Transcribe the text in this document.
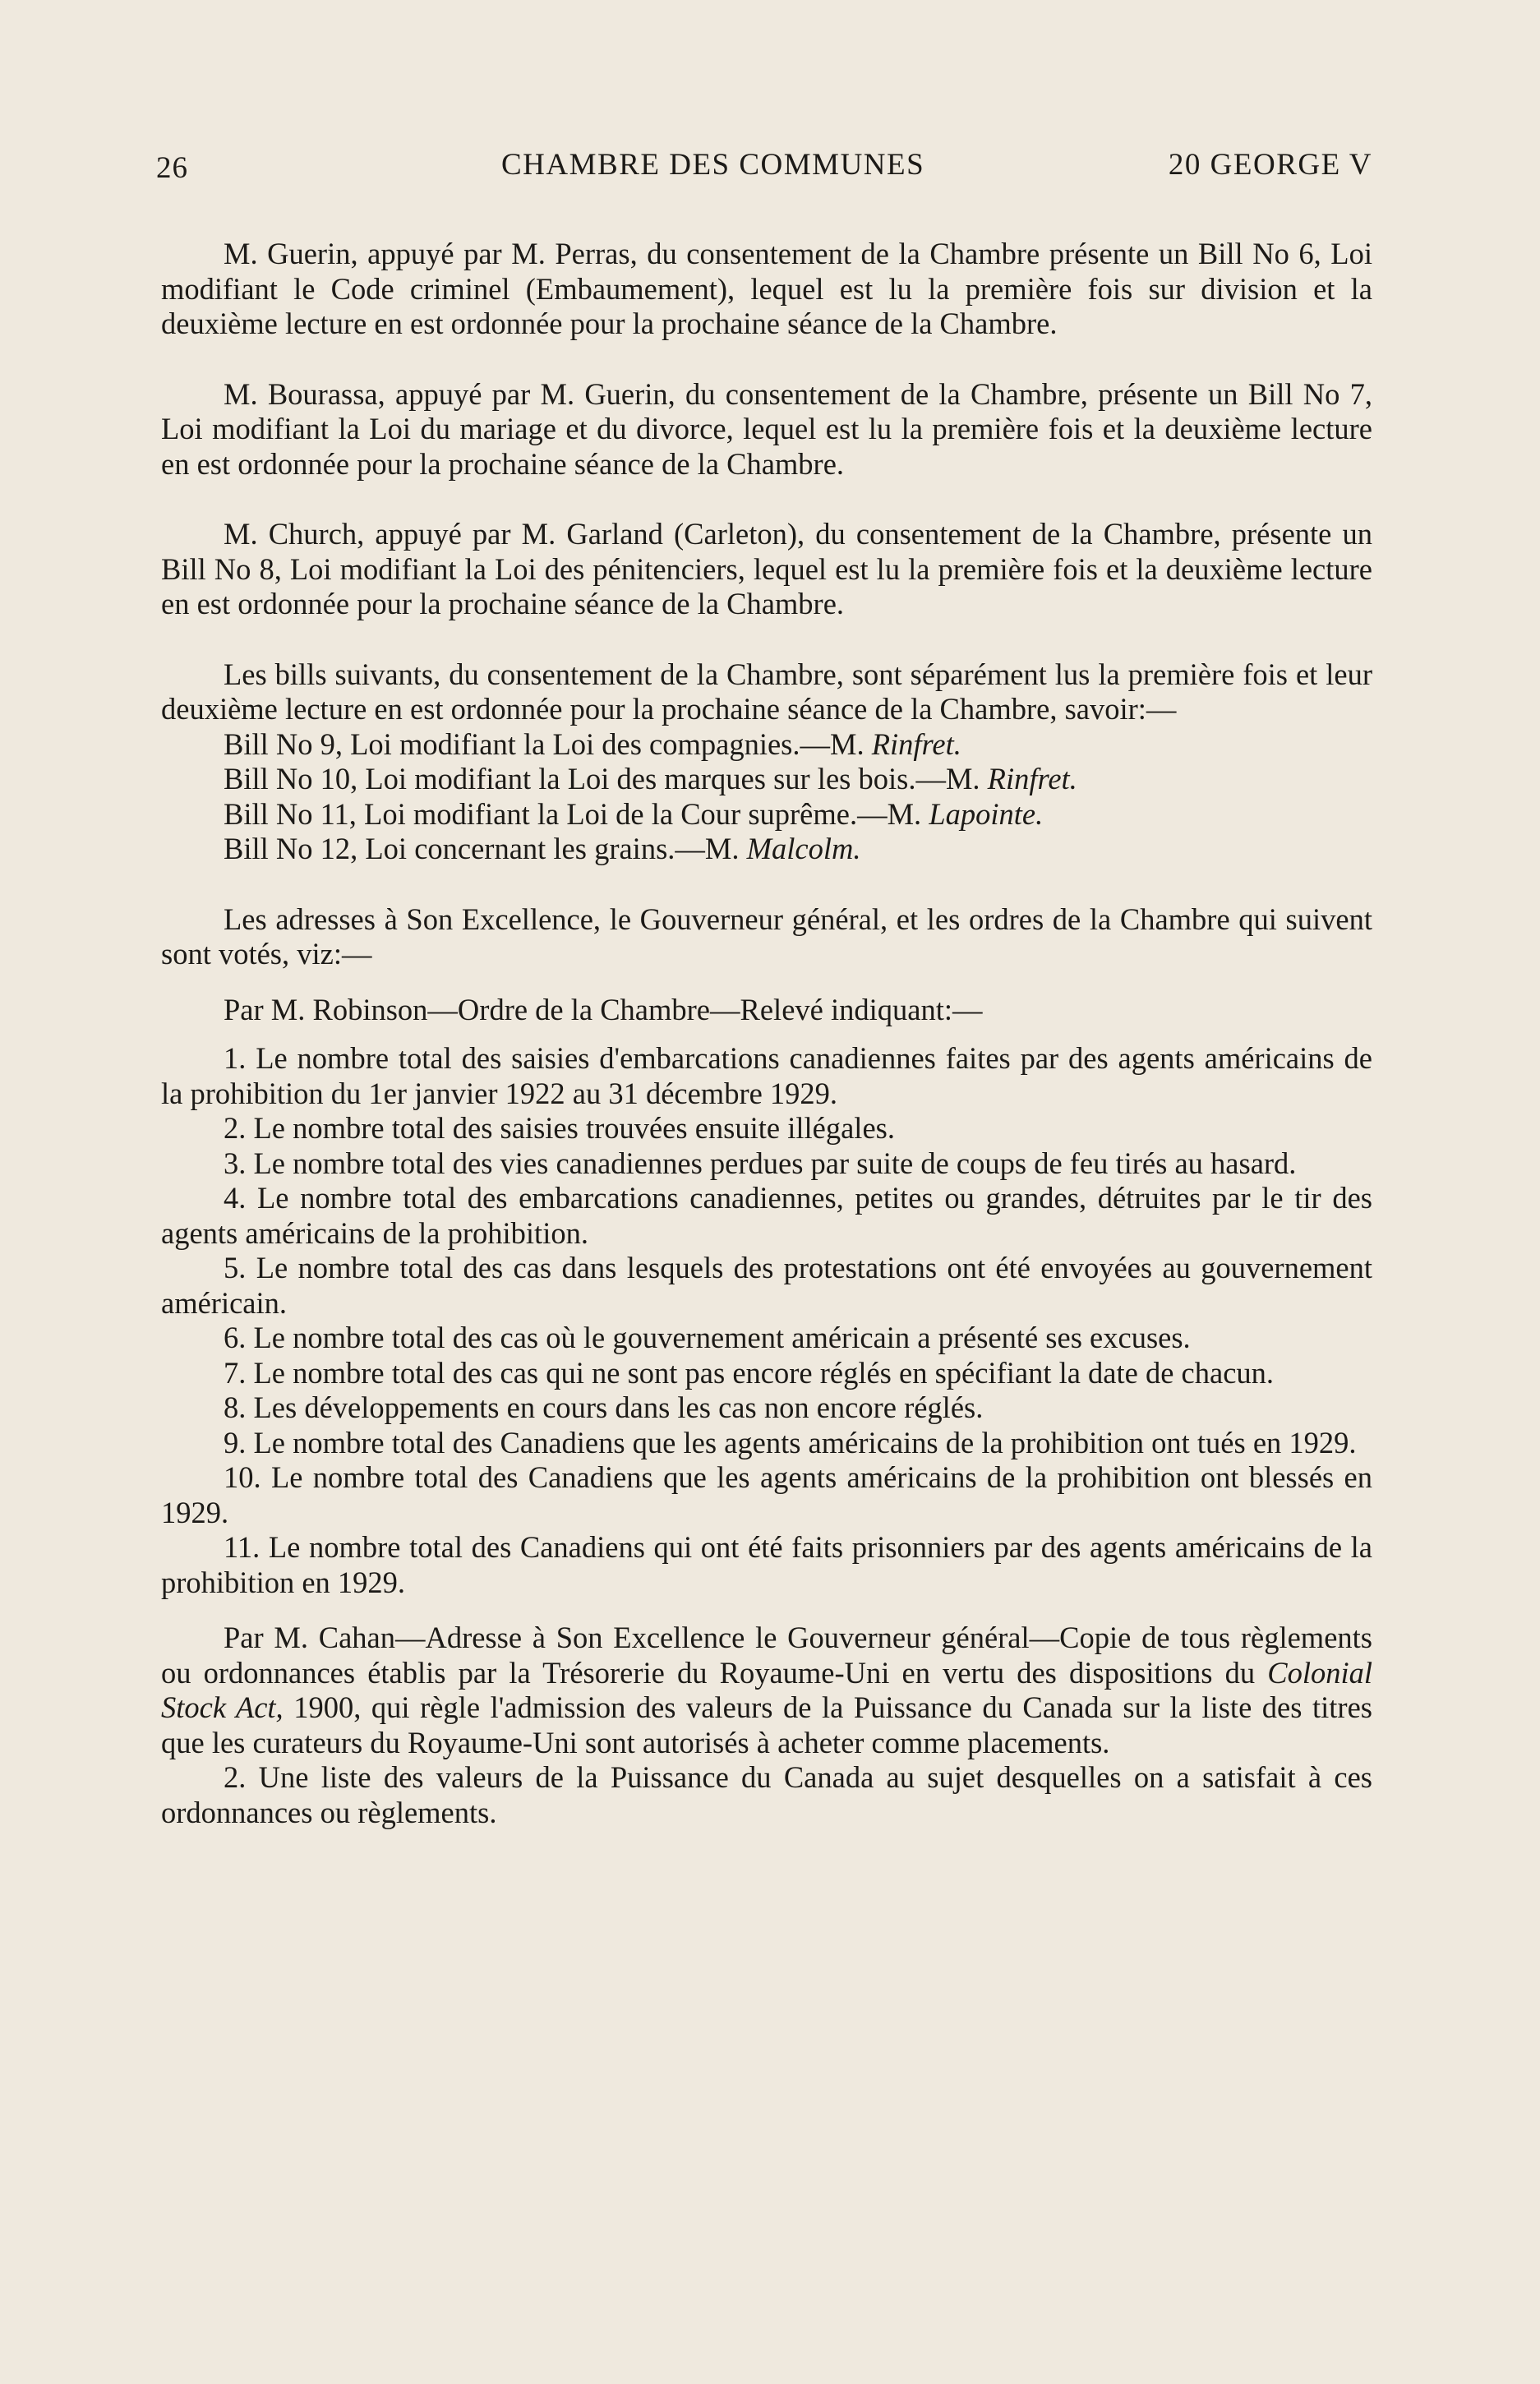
26	CHAMBRE DES COMMUNES	20 GEORGE V

M. Guerin, appuyé par M. Perras, du consentement de la Chambre présente un Bill No 6, Loi modifiant le Code criminel (Embaumement), lequel est lu la première fois sur division et la deuxième lecture en est ordonnée pour la prochaine séance de la Chambre.

M. Bourassa, appuyé par M. Guerin, du consentement de la Chambre, présente un Bill No 7, Loi modifiant la Loi du mariage et du divorce, lequel est lu la première fois et la deuxième lecture en est ordonnée pour la prochaine séance de la Chambre.

M. Church, appuyé par M. Garland (Carleton), du consentement de la Chambre, présente un Bill No 8, Loi modifiant la Loi des pénitenciers, lequel est lu la première fois et la deuxième lecture en est ordonnée pour la prochaine séance de la Chambre.

Les bills suivants, du consentement de la Chambre, sont séparément lus la première fois et leur deuxième lecture en est ordonnée pour la prochaine séance de la Chambre, savoir:—

Bill No 9, Loi modifiant la Loi des compagnies.—M. Rinfret.

Bill No 10, Loi modifiant la Loi des marques sur les bois.—M. Rinfret.

Bill No 11, Loi modifiant la Loi de la Cour suprême.—M. Lapointe.

Bill No 12, Loi concernant les grains.—M. Malcolm.

Les adresses à Son Excellence, le Gouverneur général, et les ordres de la Chambre qui suivent sont votés, viz:—

Par M. Robinson—Ordre de la Chambre—Relevé indiquant:—

1. Le nombre total des saisies d'embarcations canadiennes faites par des agents américains de la prohibition du 1er janvier 1922 au 31 décembre 1929.

2. Le nombre total des saisies trouvées ensuite illégales.

3. Le nombre total des vies canadiennes perdues par suite de coups de feu tirés au hasard.

4. Le nombre total des embarcations canadiennes, petites ou grandes, détruites par le tir des agents américains de la prohibition.

5. Le nombre total des cas dans lesquels des protestations ont été envoyées au gouvernement américain.

6. Le nombre total des cas où le gouvernement américain a présenté ses excuses.

7. Le nombre total des cas qui ne sont pas encore réglés en spécifiant la date de chacun.

8. Les développements en cours dans les cas non encore réglés.

9. Le nombre total des Canadiens que les agents américains de la prohibition ont tués en 1929.

10. Le nombre total des Canadiens que les agents américains de la prohibition ont blessés en 1929.

11. Le nombre total des Canadiens qui ont été faits prisonniers par des agents américains de la prohibition en 1929.

Par M. Cahan—Adresse à Son Excellence le Gouverneur général—Copie de tous règlements ou ordonnances établis par la Trésorerie du Royaume-Uni en vertu des dispositions du Colonial Stock Act, 1900, qui règle l'admission des valeurs de la Puissance du Canada sur la liste des titres que les curateurs du Royaume-Uni sont autorisés à acheter comme placements.

2. Une liste des valeurs de la Puissance du Canada au sujet desquelles on a satisfait à ces ordonnances ou règlements.
